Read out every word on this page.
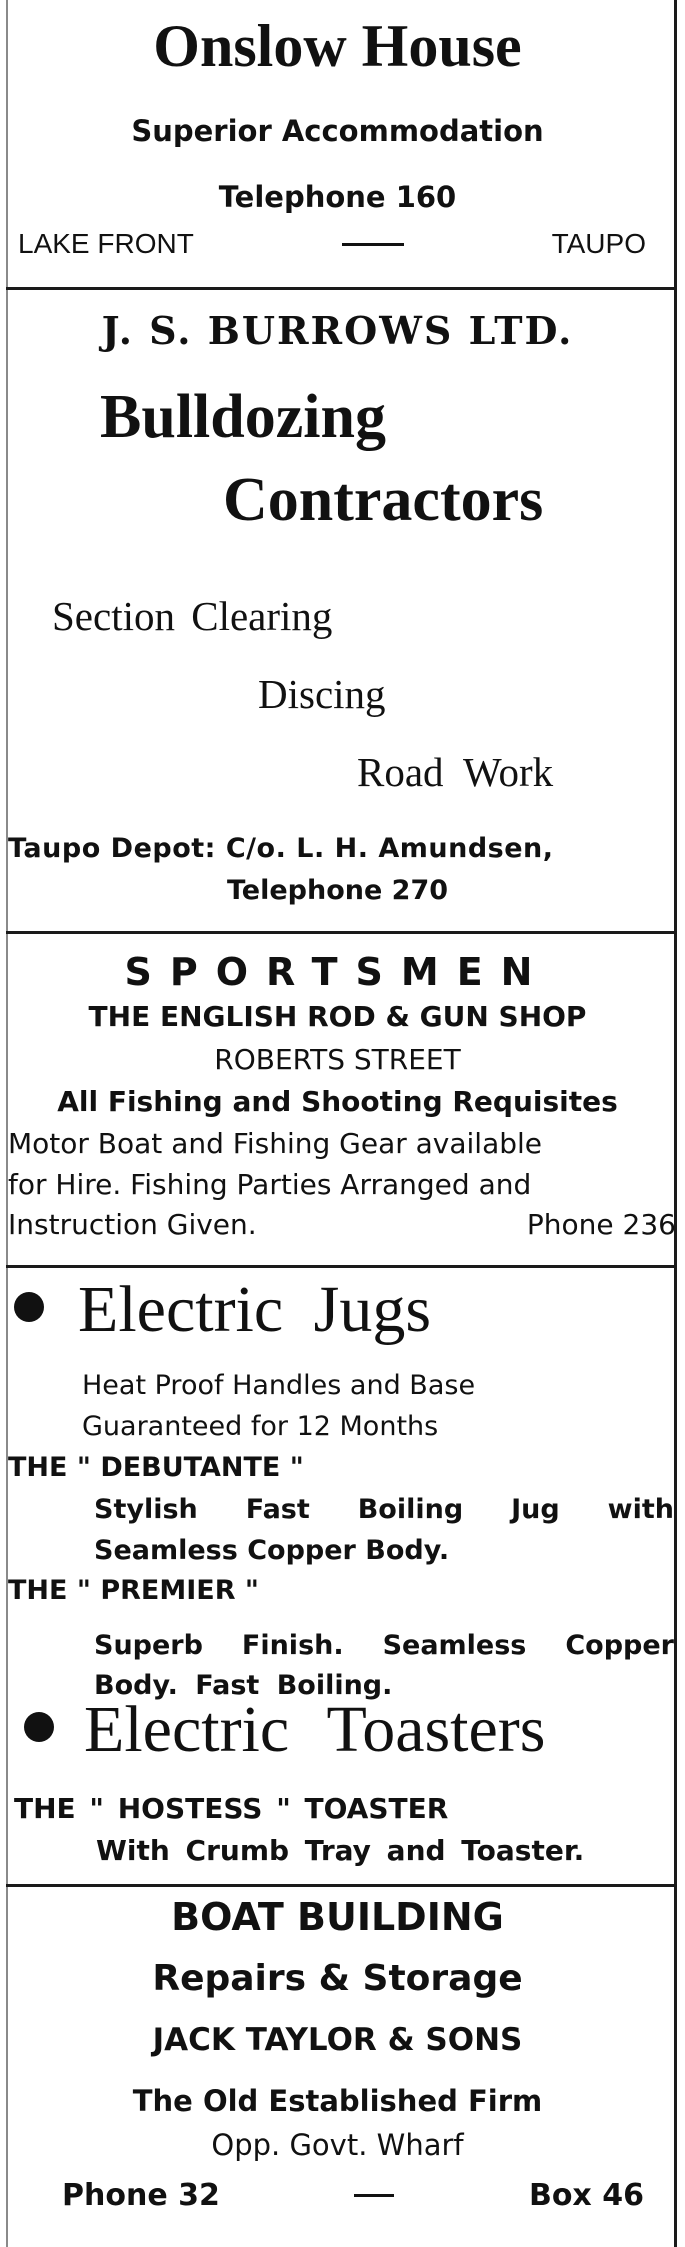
Onslow House
Superior Accommodation
Telephone 160
LAKE FRONT	TAUPO
J. S. BURROWS LTD.
Bulldozing
Contractors
Section Clearing
Discing
Road Work
Taupo Depot: C/o. L. H. Amundsen,
Telephone 270
SPORTSMEN
THE ENGLISH ROD & GUN SHOP
ROBERTS STREET
All Fishing and Shooting Requisites
Motor Boat and Fishing Gear available
for Hire. Fishing Parties Arranged and
Instruction Given.	Phone 236
Electric Jugs
Heat Proof Handles and Base
Guaranteed for 12 Months
THE " DEBUTANTE "
Stylish Fast Boiling Jug with
Seamless Copper Body.
THE " PREMIER "
Superb Finish. Seamless Copper
Body. Fast Boiling.
Electric Toasters
THE " HOSTESS " TOASTER
With Crumb Tray and Toaster.
BOAT BUILDING
Repairs & Storage
JACK TAYLOR & SONS
The Old Established Firm
Opp. Govt. Wharf
Phone 32	Box 46
